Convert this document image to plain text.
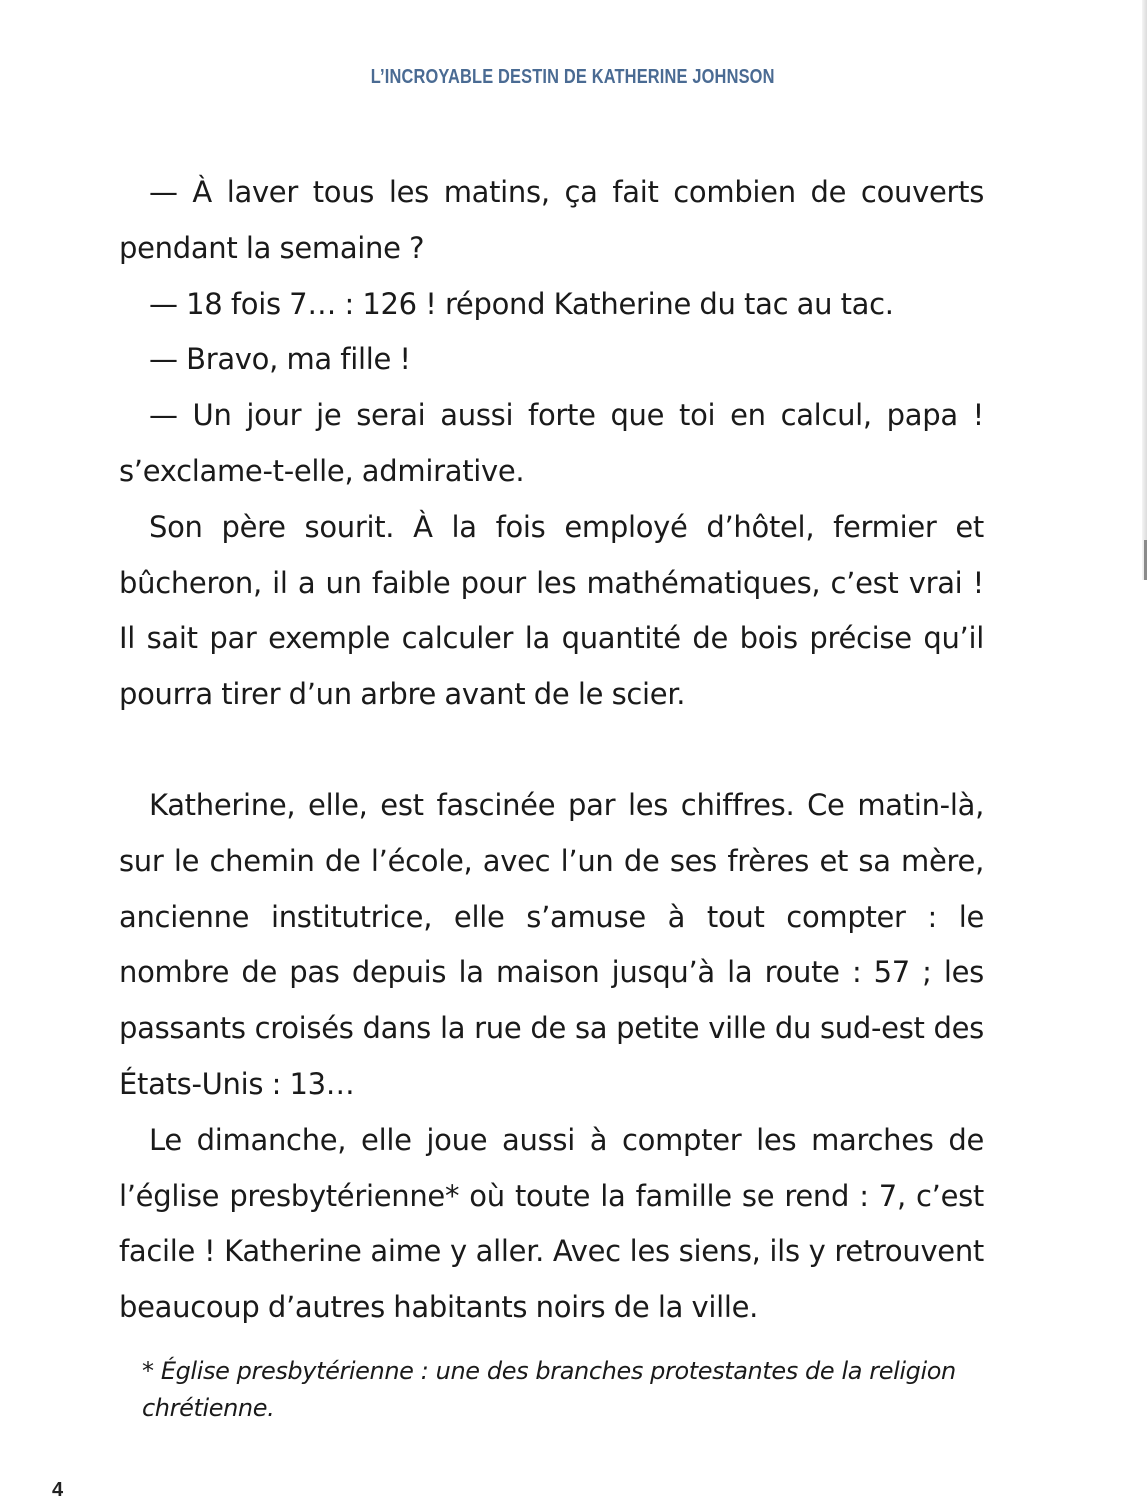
L’INCROYABLE DESTIN DE KATHERINE JOHNSON

— À laver tous les matins, ça fait combien de couverts pendant la semaine ?

— 18 fois 7… : 126 ! répond Katherine du tac au tac.

— Bravo, ma fille !

— Un jour je serai aussi forte que toi en calcul, papa ! s’exclame-t-elle, admirative.

Son père sourit. À la fois employé d’hôtel, fermier et bûcheron, il a un faible pour les mathématiques, c’est vrai ! Il sait par exemple calculer la quantité de bois précise qu’il pourra tirer d’un arbre avant de le scier.

Katherine, elle, est fascinée par les chiffres. Ce matin-là, sur le chemin de l’école, avec l’un de ses frères et sa mère, ancienne institutrice, elle s’amuse à tout compter : le nombre de pas depuis la maison jusqu’à la route : 57 ; les passants croisés dans la rue de sa petite ville du sud-est des États-Unis : 13…

Le dimanche, elle joue aussi à compter les marches de l’église presbytérienne* où toute la famille se rend : 7, c’est facile ! Katherine aime y aller. Avec les siens, ils y retrouvent beaucoup d’autres habitants noirs de la ville.

* Église presbytérienne : une des branches protestantes de la religion chrétienne.
4
